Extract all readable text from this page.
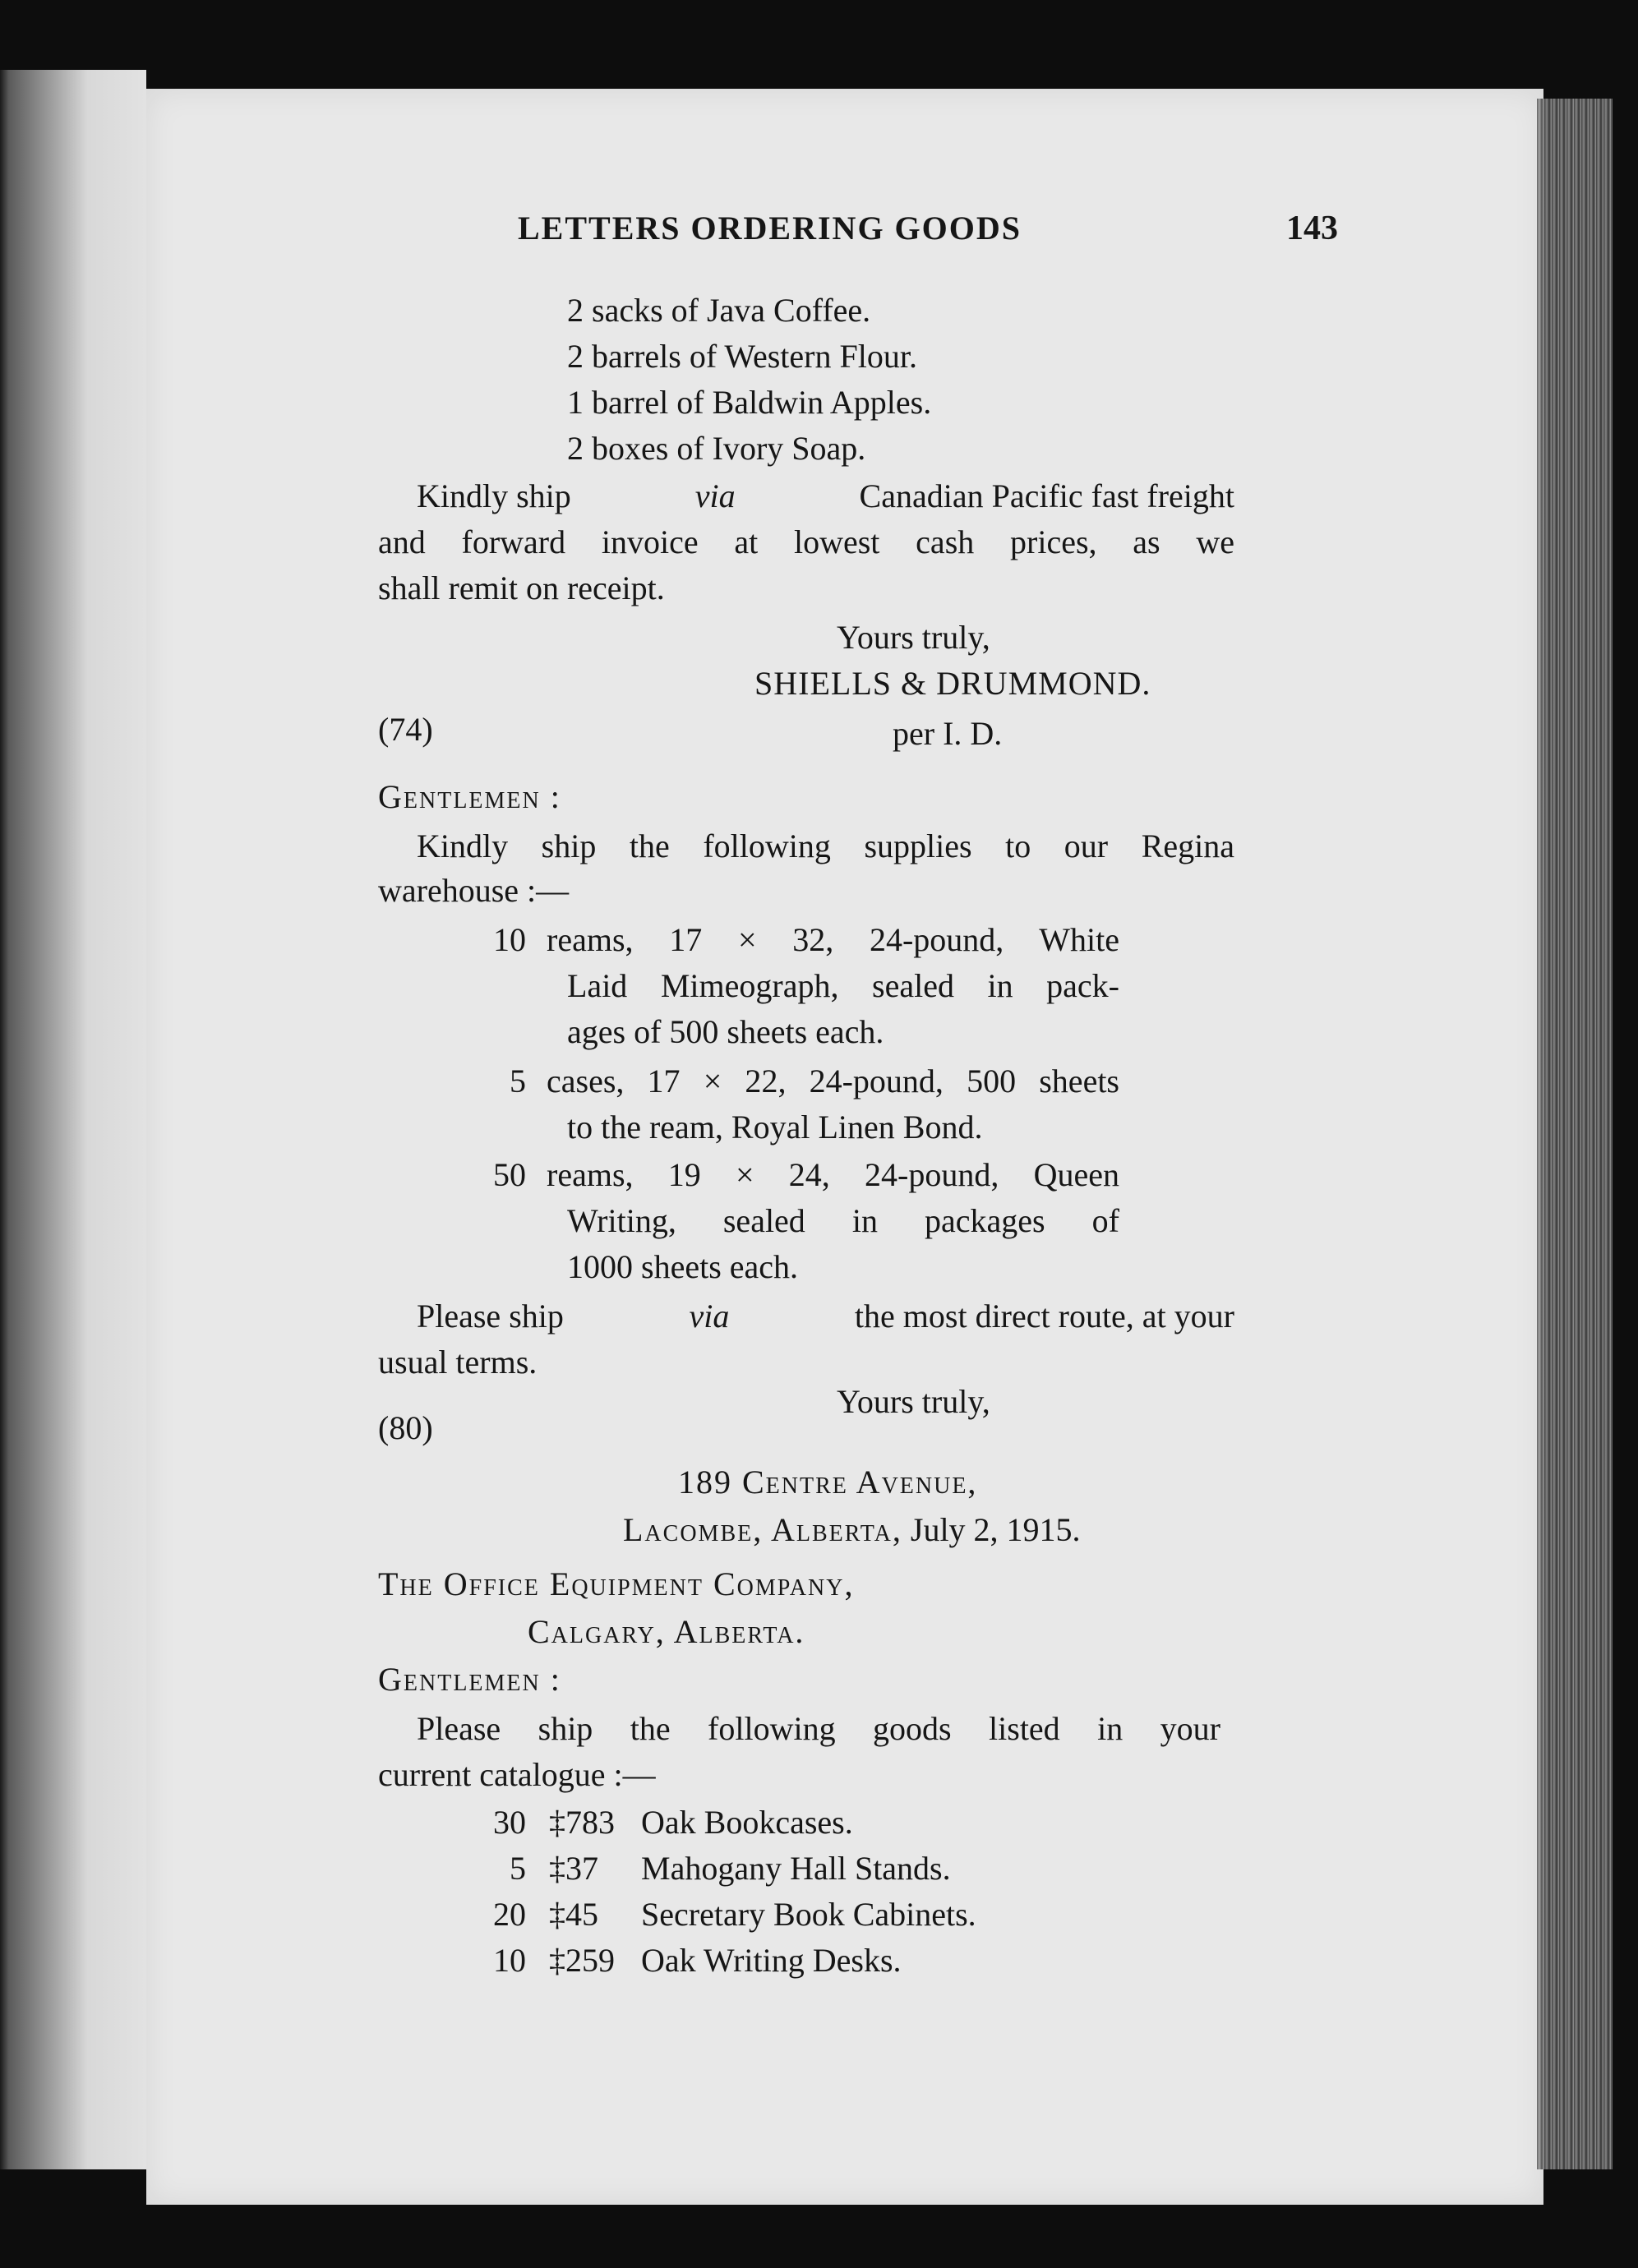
LETTERS ORDERING GOODS	143
2 sacks of Java Coffee.
2 barrels of Western Flour.
1 barrel of Baldwin Apples.
2 boxes of Ivory Soap.
Kindly ship	via	Canadian Pacific fast freight
and forward invoice at lowest cash prices, as we
shall remit on receipt.
Yours truly,
SHIELLS & DRUMMOND.
(74)	per I. D.
Gentlemen :
Kindly ship the following supplies to our Regina
warehouse :—
10 reams, 17 × 32, 24-pound, White
Laid Mimeograph, sealed in pack-
ages of 500 sheets each.
5 cases, 17 × 22, 24-pound, 500 sheets
to the ream, Royal Linen Bond.
50 reams, 19 × 24, 24-pound, Queen
Writing, sealed in packages of
1000 sheets each.
Please ship	via	the most direct route, at your
usual terms.
Yours truly,
(80)
189 Centre Avenue,
Lacombe, Alberta, July 2, 1915.
The Office Equipment Company,
Calgary, Alberta.
Gentlemen :
Please ship the following goods listed in your
current catalogue :—
30 ‡783 Oak Bookcases.
5 ‡37 Mahogany Hall Stands.
20 ‡45 Secretary Book Cabinets.
10 ‡259 Oak Writing Desks.
